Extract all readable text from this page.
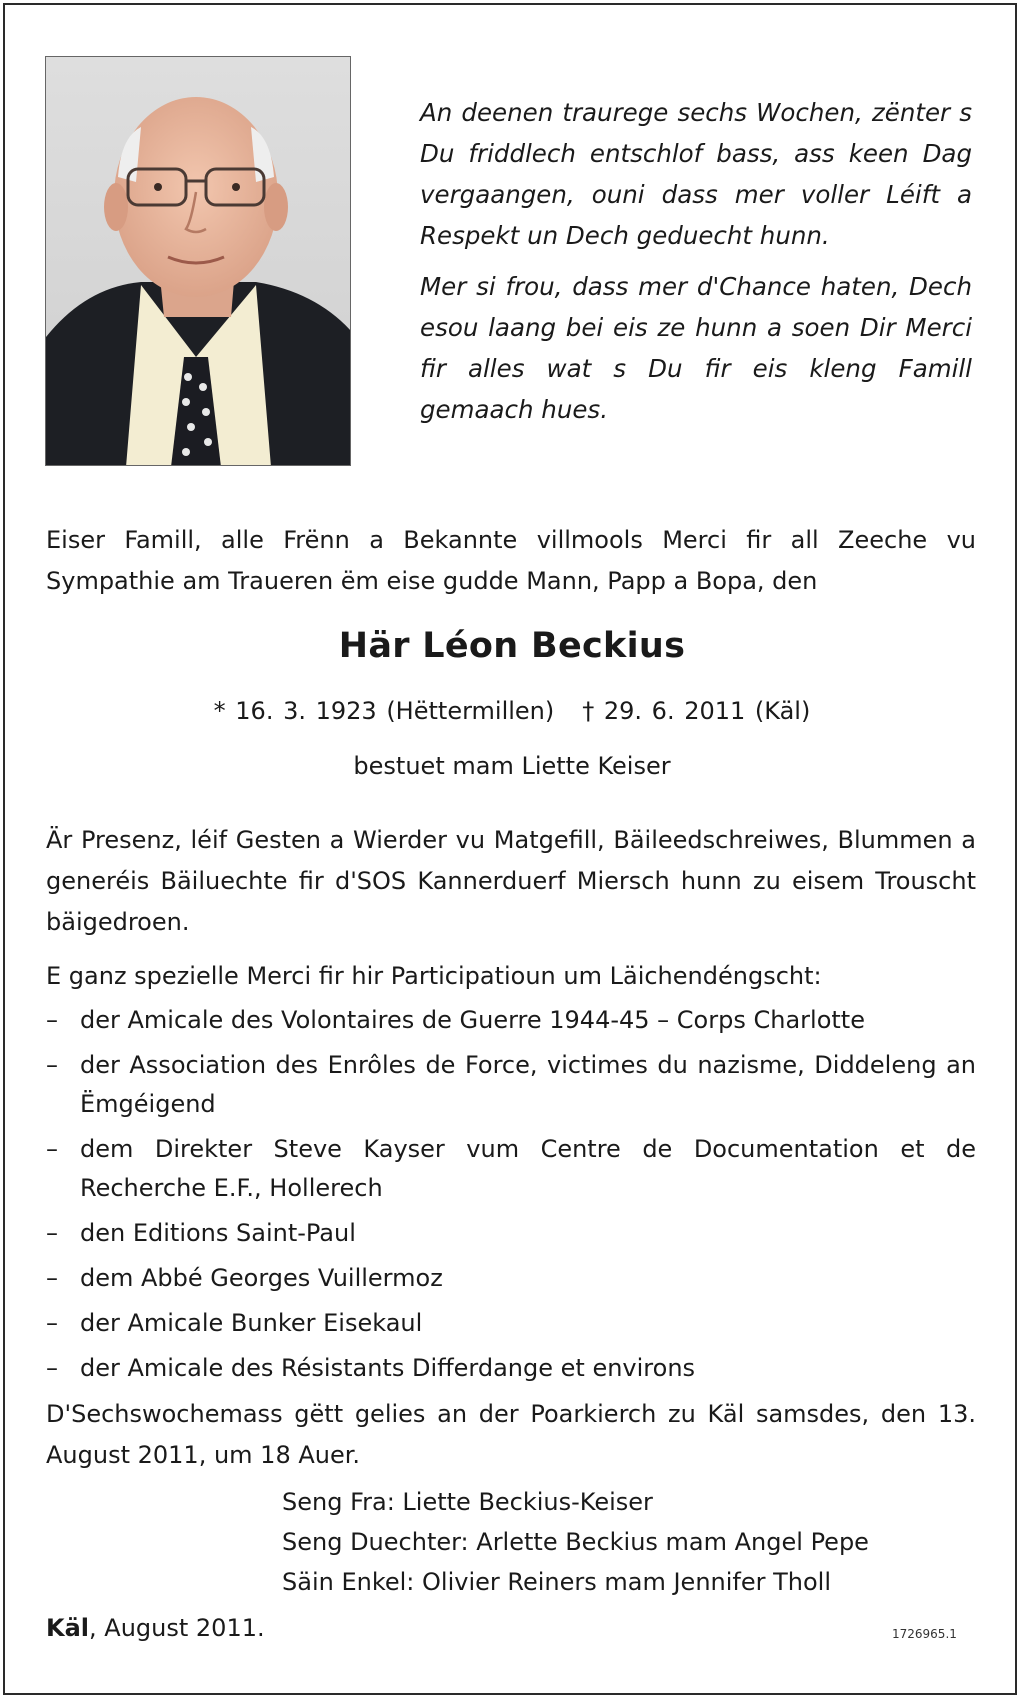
An deenen traurege sechs Wochen, zënter s Du friddlech entschlof bass, ass keen Dag vergaangen, ouni dass mer voller Léift a Respekt un Dech geduecht hunn.

Mer si frou, dass mer d'Chance haten, Dech esou laang bei eis ze hunn a soen Dir Merci fir alles wat s Du fir eis kleng Famill gemaach hues.

Eiser Famill, alle Frënn a Bekannte villmools Merci fir all Zeeche vu Sympathie am Traueren ëm eise gudde Mann, Papp a Bopa, den
Här Léon Beckius
* 16. 3. 1923 (Hëttermillen) † 29. 6. 2011 (Käl)
bestuet mam Liette Keiser

Är Presenz, léif Gesten a Wierder vu Matgefill, Bäileedschreiwes, Blummen a generéis Bäiluechte fir d'SOS Kannerduerf Miersch hunn zu eisem Trouscht bäigedroen.

E ganz spezielle Merci fir hir Participatioun um Läichendéngscht:

– der Amicale des Volontaires de Guerre 1944-45 – Corps Charlotte
– der Association des Enrôles de Force, victimes du nazisme, Diddeleng an Ëmgéigend
– dem Direkter Steve Kayser vum Centre de Documentation et de Recherche E.F., Hollerech
– den Editions Saint-Paul
– dem Abbé Georges Vuillermoz
– der Amicale Bunker Eisekaul
– der Amicale des Résistants Differdange et environs

D'Sechswochemass gëtt gelies an der Poarkierch zu Käl samsdes, den 13. August 2011, um 18 Auer.

Seng Fra: Liette Beckius-Keiser
Seng Duechter: Arlette Beckius mam Angel Pepe
Säin Enkel: Olivier Reiners mam Jennifer Tholl
Käl, August 2011.	1726965.1
